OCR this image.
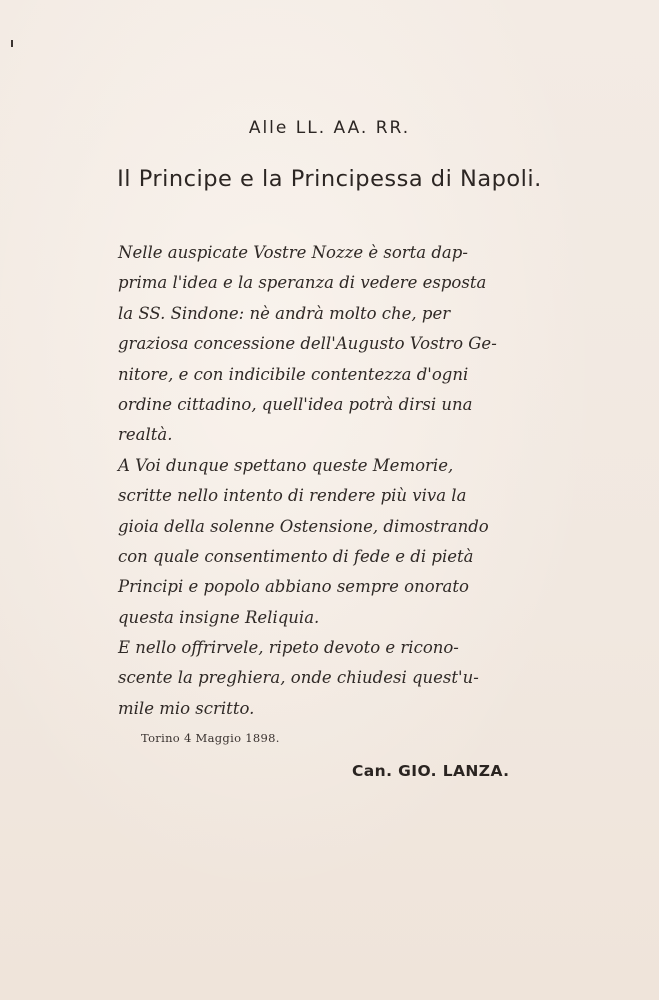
Alle LL. AA. RR.
Il Principe e la Principessa di Napoli.
Nelle auspicate Vostre Nozze è sorta dap-
prima l'idea e la speranza di vedere esposta
la SS. Sindone: nè andrà molto che, per
graziosa concessione dell'Augusto Vostro Ge-
nitore, e con indicibile contentezza d'ogni
ordine cittadino, quell'idea potrà dirsi una
realtà.
A Voi dunque spettano queste Memorie,
scritte nello intento di rendere più viva la
gioia della solenne Ostensione, dimostrando
con quale consentimento di fede e di pietà
Principi e popolo abbiano sempre onorato
questa insigne Reliquia.
E nello offrirvele, ripeto devoto e ricono-
scente la preghiera, onde chiudesi quest'u-
mile mio scritto.
Torino 4 Maggio 1898.
Can. GIO. LANZA.
